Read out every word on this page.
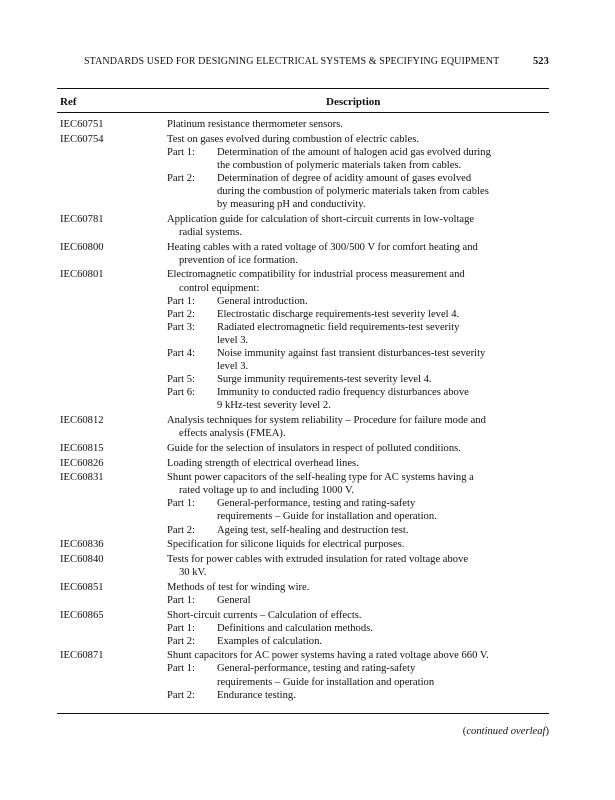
STANDARDS USED FOR DESIGNING ELECTRICAL SYSTEMS & SPECIFYING EQUIPMENT	523
Ref	Description
IEC60751	Platinum resistance thermometer sensors.
IEC60754	Test on gases evolved during combustion of electric cables.
Part 1: Determination of the amount of halogen acid gas evolved during
the combustion of polymeric materials taken from cables.
Part 2: Determination of degree of acidity amount of gases evolved
during the combustion of polymeric materials taken from cables
by measuring pH and conductivity.
IEC60781	Application guide for calculation of short-circuit currents in low-voltage
radial systems.
IEC60800	Heating cables with a rated voltage of 300/500 V for comfort heating and
prevention of ice formation.
IEC60801	Electromagnetic compatibility for industrial process measurement and
control equipment:
Part 1: General introduction.
Part 2: Electrostatic discharge requirements-test severity level 4.
Part 3: Radiated electromagnetic field requirements-test severity
level 3.
Part 4: Noise immunity against fast transient disturbances-test severity
level 3.
Part 5: Surge immunity requirements-test severity level 4.
Part 6: Immunity to conducted radio frequency disturbances above
9 kHz-test severity level 2.
IEC60812	Analysis techniques for system reliability – Procedure for failure mode and
effects analysis (FMEA).
IEC60815	Guide for the selection of insulators in respect of polluted conditions.
IEC60826	Loading strength of electrical overhead lines.
IEC60831	Shunt power capacitors of the self-healing type for AC systems having a
rated voltage up to and including 1000 V.
Part 1: General-performance, testing and rating-safety
requirements – Guide for installation and operation.
Part 2: Ageing test, self-healing and destruction test.
IEC60836	Specification for silicone liquids for electrical purposes.
IEC60840	Tests for power cables with extruded insulation for rated voltage above
30 kV.
IEC60851	Methods of test for winding wire.
Part 1: General
IEC60865	Short-circuit currents – Calculation of effects.
Part 1: Definitions and calculation methods.
Part 2: Examples of calculation.
IEC60871	Shunt capacitors for AC power systems having a rated voltage above 660 V.
Part 1: General-performance, testing and rating-safety
requirements – Guide for installation and operation
Part 2: Endurance testing.
(continued overleaf)
